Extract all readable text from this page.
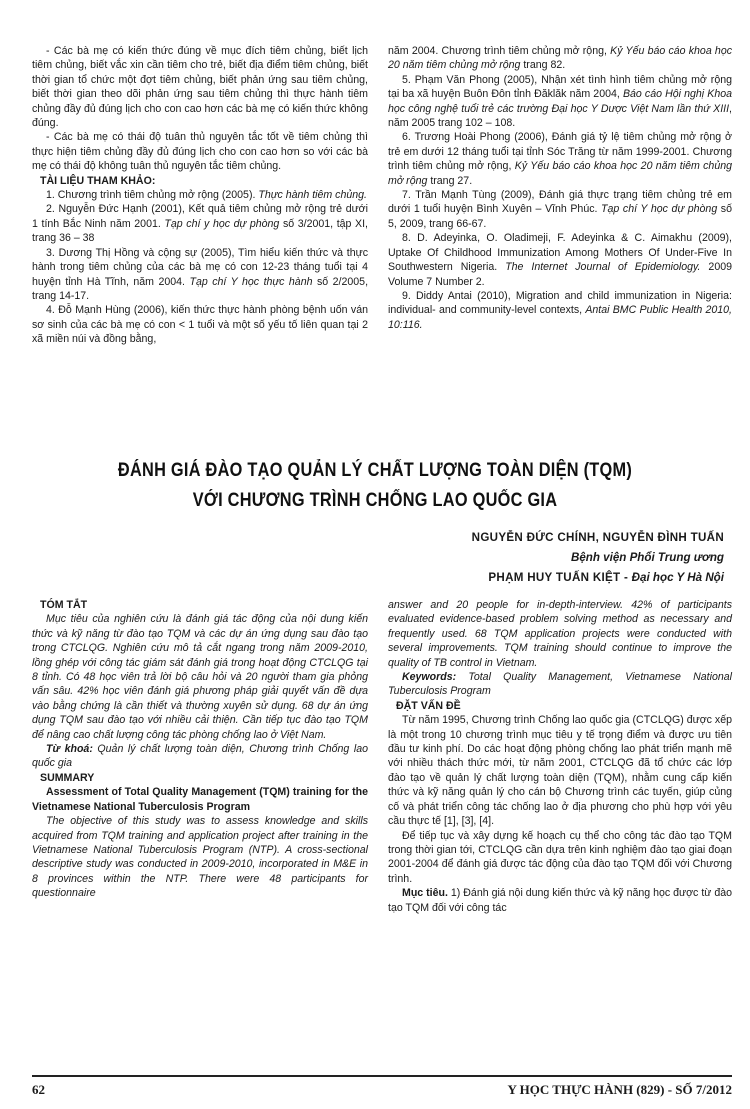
- Các bà mẹ có kiến thức đúng về mục đích tiêm chủng, biết lịch tiêm chủng, biết vắc xin cần tiêm cho trẻ, biết địa điểm tiêm chủng, biết thời gian tổ chức một đợt tiêm chủng, biết phản ứng sau tiêm chủng, biết thời gian theo dõi phản ứng sau tiêm chủng thì thực hành tiêm chủng đầy đủ đúng lịch cho con cao hơn các bà mẹ có kiến thức không đúng.

- Các bà mẹ có thái độ tuân thủ nguyên tắc tốt về tiêm chủng thì thực hiện tiêm chủng đầy đủ đúng lịch cho con cao hơn so với các bà mẹ có thái độ không tuân thủ nguyên tắc tiêm chủng.

TÀI LIỆU THAM KHẢO:

1. Chương trình tiêm chủng mở rộng (2005). Thực hành tiêm chủng.

2. Nguyễn Đức Hạnh (2001), Kết quả tiêm chủng mở rộng trẻ dưới 1 tính Bắc Ninh năm 2001. Tạp chí y học dự phòng số 3/2001, tập XI, trang 36 – 38

3. Dương Thị Hồng và cộng sự (2005), Tìm hiểu kiến thức và thực hành trong tiêm chủng của các bà mẹ có con 12-23 tháng tuổi tại 4 huyện tỉnh Hà Tĩnh, năm 2004. Tạp chí Y học thực hành số 2/2005, trang 14-17.

4. Đỗ Mạnh Hùng (2006), kiến thức thực hành phòng bệnh uốn ván sơ sinh của các bà mẹ có con < 1 tuổi và một số yếu tố liên quan tại 2 xã miền núi và đồng bằng,

năm 2004. Chương trình tiêm chủng mở rộng, Kỷ Yếu báo cáo khoa học 20 năm tiêm chủng mở rộng trang 82.

5. Phạm Văn Phong (2005), Nhận xét tình hình tiêm chủng mở rộng tại ba xã huyện Buôn Đôn tỉnh Đăklăk năm 2004, Báo cáo Hội nghị Khoa học công nghệ tuổi trẻ các trường Đại học Y Dược Việt Nam lần thứ XIII, năm 2005 trang 102 – 108.

6. Trương Hoài Phong (2006), Đánh giá tỷ lệ tiêm chủng mở rộng ở trẻ em dưới 12 tháng tuổi tại tỉnh Sóc Trăng từ năm 1999-2001. Chương trình tiêm chủng mở rộng, Kỷ Yếu báo cáo khoa học 20 năm tiêm chủng mở rộng trang 27.

7. Trần Mạnh Tùng (2009), Đánh giá thực trạng tiêm chủng trẻ em dưới 1 tuổi huyện Bình Xuyên – Vĩnh Phúc. Tạp chí Y học dự phòng số 5, 2009, trang 66-67.

8. D. Adeyinka, O. Oladimeji, F. Adeyinka & C. Aimakhu (2009), Uptake Of Childhood Immunization Among Mothers Of Under-Five In Southwestern Nigeria. The Internet Journal of Epidemiology. 2009 Volume 7 Number 2.

9. Diddy Antai (2010), Migration and child immunization in Nigeria: individual- and community-level contexts, Antai BMC Public Health 2010, 10:116.

ĐÁNH GIÁ ĐÀO TẠO QUẢN LÝ CHẤT LƯỢNG TOÀN DIỆN (TQM)
VỚI CHƯƠNG TRÌNH CHỐNG LAO QUỐC GIA

NGUYỄN ĐỨC CHÍNH, NGUYỄN ĐÌNH TUẤN

Bệnh viện Phổi Trung ương

PHẠM HUY TUẤN KIỆT - Đại học Y Hà Nội

TÓM TẮT

Mục tiêu của nghiên cứu là đánh giá tác động của nội dung kiến thức và kỹ năng từ đào tạo TQM và các dự án ứng dụng sau đào tạo trong CTCLQG. Nghiên cứu mô tả cắt ngang trong năm 2009-2010, lồng ghép với công tác giám sát đánh giá trong hoạt động CTCLQG tại 8 tỉnh. Có 48 học viên trả lời bộ câu hỏi và 20 người tham gia phỏng vấn sâu. 42% học viên đánh giá phương pháp giải quyết vấn đề dựa vào bằng chứng là cần thiết và thường xuyên sử dụng. 68 dự án ứng dụng TQM sau đào tạo với nhiều cải thiện. Cần tiếp tục đào tạo TQM để nâng cao chất lượng công tác phòng chống lao ở Việt Nam.

Từ khoá: Quản lý chất lượng toàn diện, Chương trình Chống lao quốc gia

SUMMARY

Assessment of Total Quality Management (TQM) training for the Vietnamese National Tuberculosis Program

The objective of this study was to assess knowledge and skills acquired from TQM training and application project after training in the Vietnamese National Tuberculosis Program (NTP). A cross-sectional descriptive study was conducted in 2009-2010, incorporated in M&E in 8 provinces within the NTP. There were 48 participants for questionnaire

answer and 20 people for in-depth-interview. 42% of participants evaluated evidence-based problem solving method as necessary and frequently used. 68 TQM application projects were conducted with several improvements. TQM training should continue to improve the quality of TB control in Vietnam.

Keywords: Total Quality Management, Vietnamese National Tuberculosis Program

ĐẶT VẤN ĐỀ

Từ năm 1995, Chương trình Chống lao quốc gia (CTCLQG) được xếp là một trong 10 chương trình mục tiêu y tế trọng điểm và được ưu tiên đầu tư kinh phí. Do các hoạt động phòng chống lao phát triển mạnh mẽ với nhiều thách thức mới, từ năm 2001, CTCLQG đã tổ chức các lớp đào tạo về quản lý chất lượng toàn diện (TQM), nhằm cung cấp kiến thức và kỹ năng quản lý cho cán bộ Chương trình các tuyến, giúp củng cố và phát triển công tác chống lao ở địa phương cho phù hợp với yêu cầu thực tế [1], [3], [4].

Để tiếp tục và xây dựng kế hoạch cụ thể cho công tác đào tạo TQM trong thời gian tới, CTCLQG cần dựa trên kinh nghiệm đào tạo giai đoạn 2001-2004 để đánh giá được tác động của đào tạo TQM đối với Chương trình.

Mục tiêu. 1) Đánh giá nội dung kiến thức và kỹ năng học được từ đào tạo TQM đối với công tác

62	Y HỌC THỰC HÀNH (829) - SỐ 7/2012
